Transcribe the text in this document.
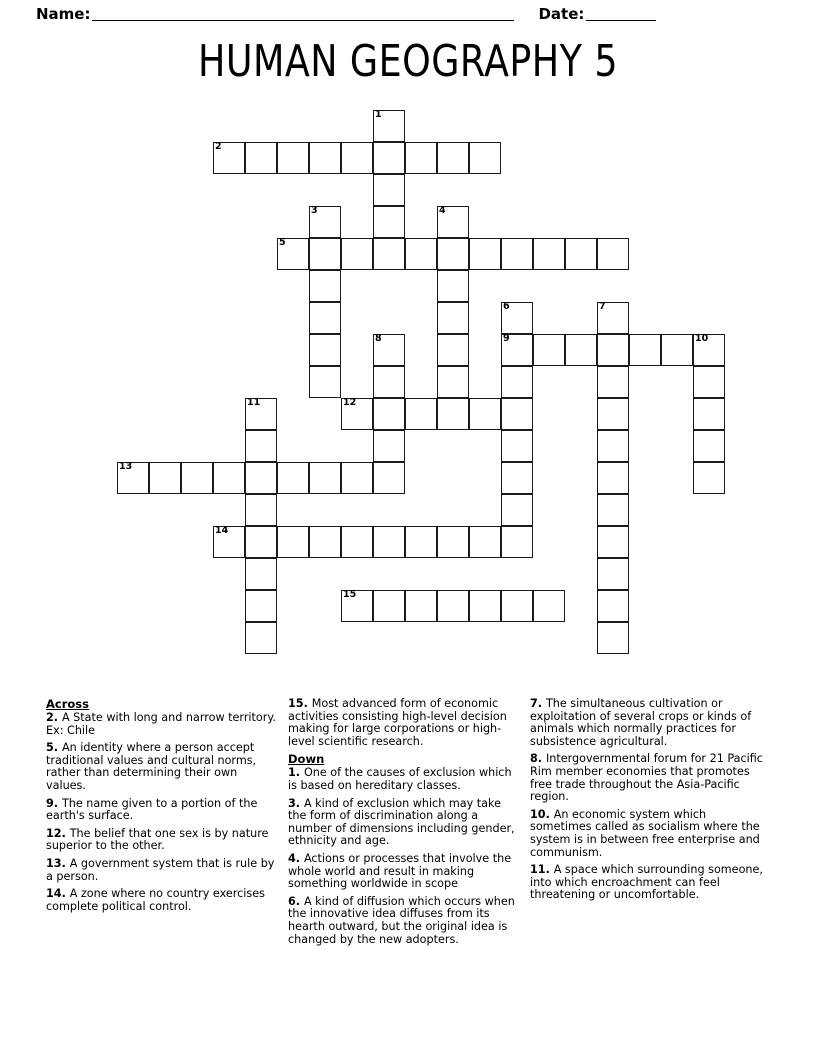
Name:	Date:
HUMAN GEOGRAPHY 5
1
2
3	4
5
6
9
7
8	10
11	12
13
14
15
Across

2. A State with long and narrow territory. Ex: Chile

5. An identity where a person accept traditional values and cultural norms, rather than determining their own values.

9. The name given to a portion of the earth's surface.

12. The belief that one sex is by nature superior to the other.

13. A government system that is rule by a person.

14. A zone where no country exercises complete political control.

15. Most advanced form of economic activities consisting high-level decision making for large corporations or high-level scientific research.

Down

1. One of the causes of exclusion which is based on hereditary classes.

3. A kind of exclusion which may take the form of discrimination along a number of dimensions including gender, ethnicity and age.

4. Actions or processes that involve the whole world and result in making something worldwide in scope

6. A kind of diffusion which occurs when the innovative idea diffuses from its hearth outward, but the original idea is changed by the new adopters.

7. The simultaneous cultivation or exploitation of several crops or kinds of animals which normally practices for subsistence agricultural.

8. Intergovernmental forum for 21 Pacific Rim member economies that promotes free trade throughout the Asia-Pacific region.

10. An economic system which sometimes called as socialism where the system is in between free enterprise and communism.

11. A space which surrounding someone, into which encroachment can feel threatening or uncomfortable.
